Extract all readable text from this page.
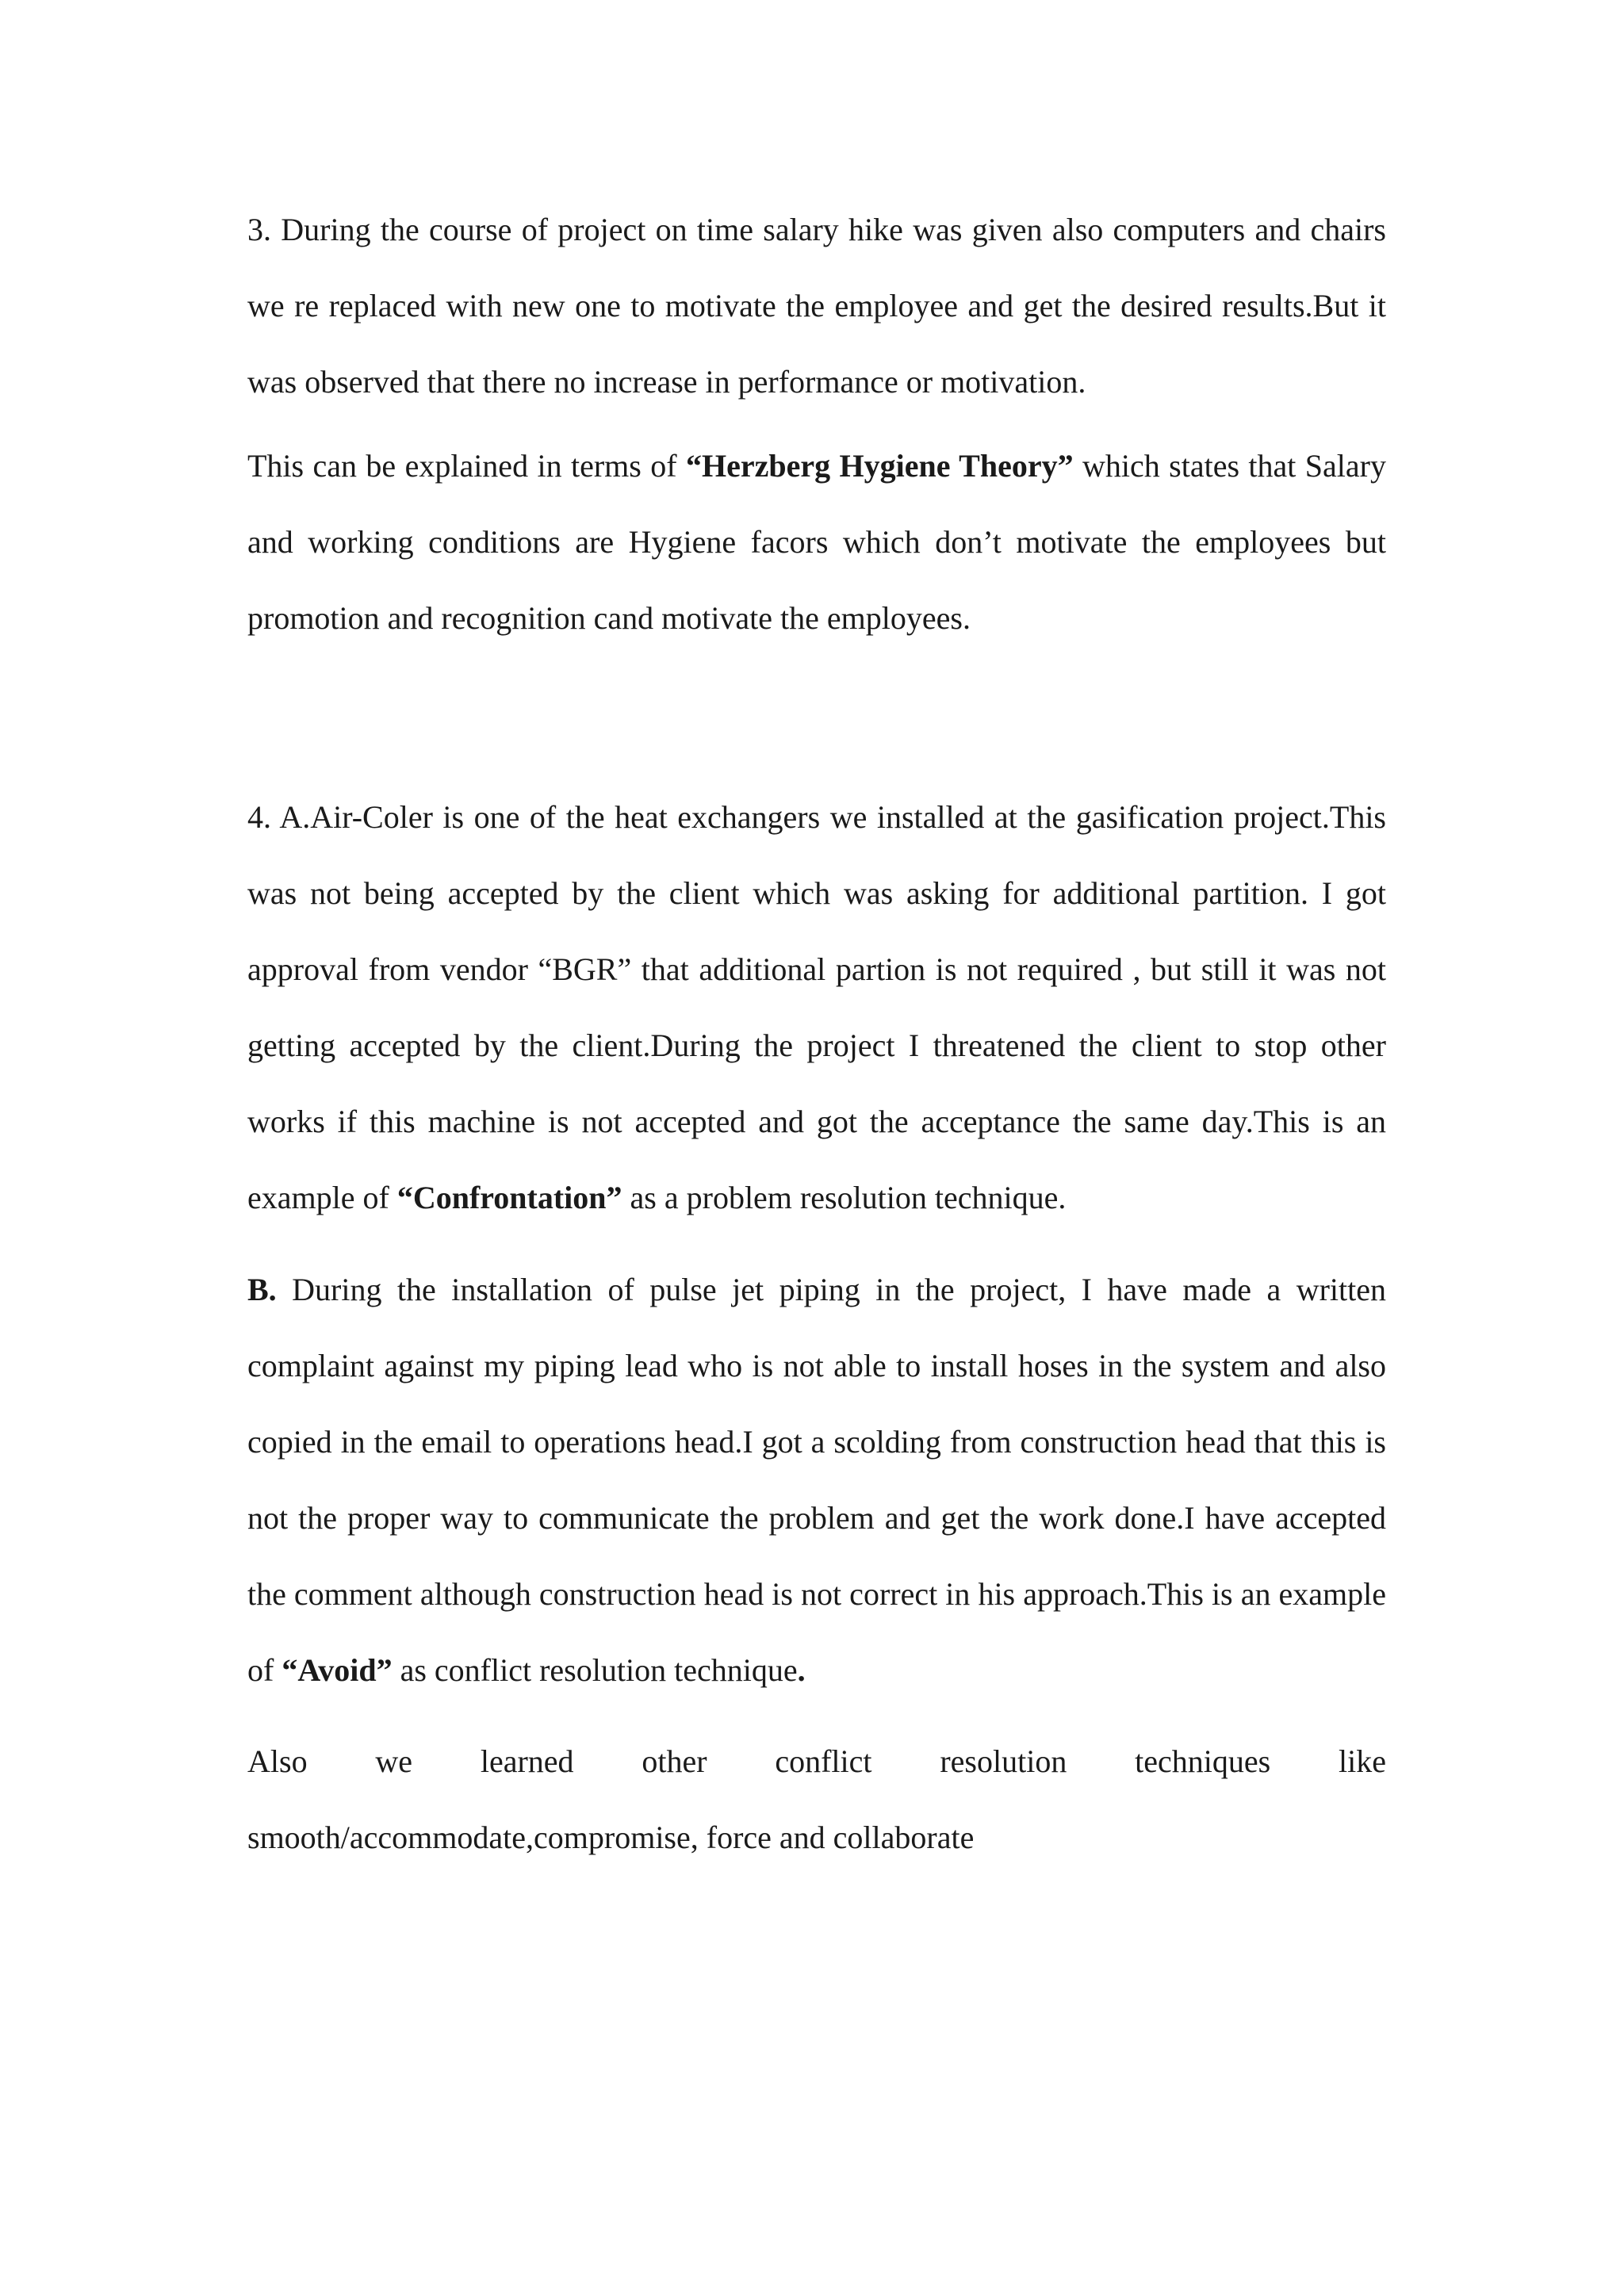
3. During the course of project on time salary hike was given also computers and chairs we re replaced with new one to motivate the employee and get the desired results.But it was observed that there no increase in performance or motivation.

This can be explained in terms of “Herzberg Hygiene Theory” which states that Salary and working conditions are Hygiene facors which don’t motivate the employees but promotion and recognition cand motivate the employees.

4. A.Air-Coler is one of the heat exchangers we installed at the gasification project.This was not being accepted by the client which was asking for additional partition. I got approval from vendor “BGR” that additional partion is not required , but still it was not getting accepted by the client.During the project I threatened the client to stop other works if this machine is not accepted and got the acceptance the same day.This is an example of “Confrontation” as a problem resolution technique.

B. During the installation of pulse jet piping in the project, I have made a written complaint against my piping lead who is not able to install hoses in the system and also copied in the email to operations head.I got a scolding from construction head that this is not the proper way to communicate the problem and get the work done.I have accepted the comment although construction head is not correct in his approach.This is an example of “Avoid” as conflict resolution technique.

Also we learned other conflict resolution techniques like

smooth/accommodate,compromise, force and collaborate
